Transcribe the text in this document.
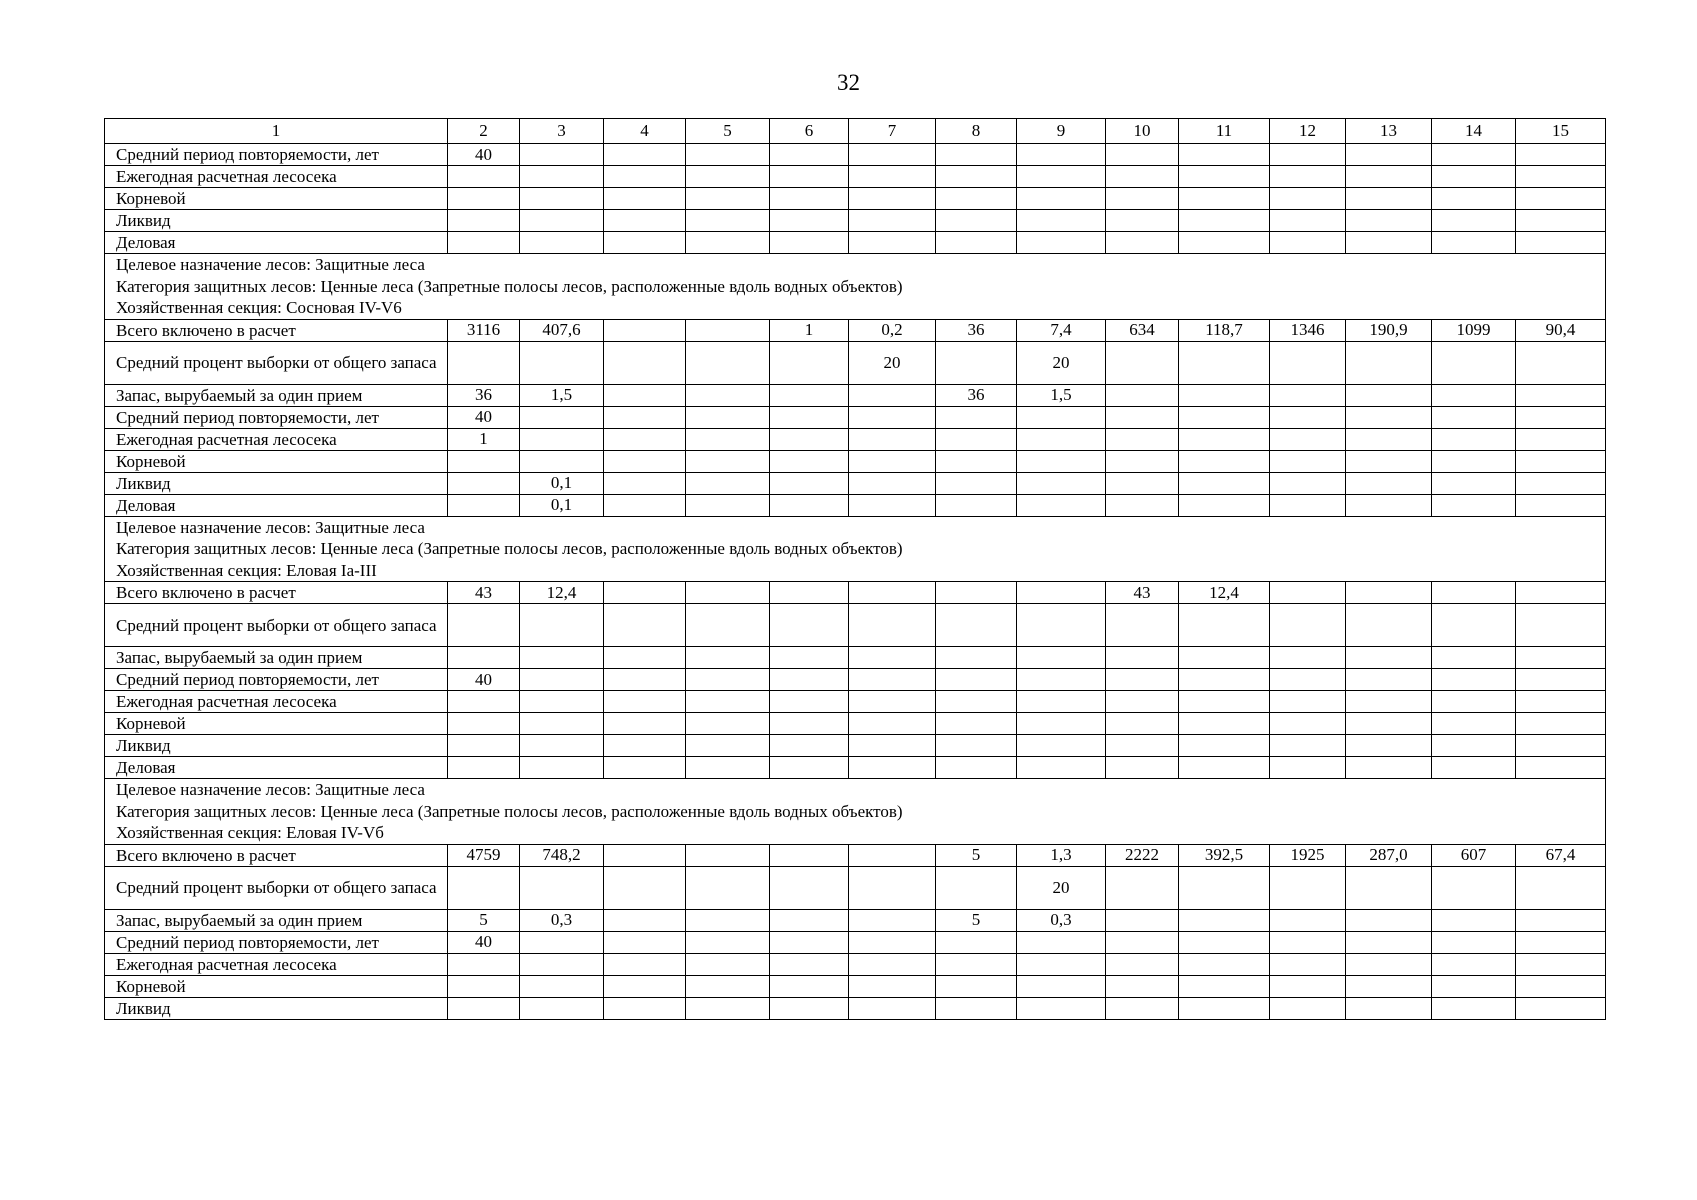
32
1	2	3	4	5	6	7	8	9	10	11	12	13	14	15
Средний период повторяемости, лет	40													
Ежегодная расчетная лесосека														
Корневой														
Ликвид														
Деловая														

Целевое назначение лесов: Защитные леса
Категория защитных лесов: Ценные леса (Запретные полосы лесов, расположенные вдоль водных объектов)
Хозяйственная секция: Сосновая IV-V6														

Всего включено в расчет	3116	407,6			1	0,2	36	7,4	634	118,7	1346	190,9	1099	90,4
Средний процент выборки от общего запаса						20		20						
Запас, вырубаемый за один прием	36	1,5					36	1,5						
Средний период повторяемости, лет	40													
Ежегодная расчетная лесосека	1													
Корневой														
Ликвид		0,1												
Деловая		0,1												

Целевое назначение лесов: Защитные леса
Категория защитных лесов: Ценные леса (Запретные полосы лесов, расположенные вдоль водных объектов)
Хозяйственная секция: Еловая Iа-III														

Всего включено в расчет	43	12,4							43	12,4				
Средний процент выборки от общего запаса														
Запас, вырубаемый за один прием														
Средний период повторяемости, лет	40													
Ежегодная расчетная лесосека														
Корневой														
Ликвид														
Деловая														

Целевое назначение лесов: Защитные леса
Категория защитных лесов: Ценные леса (Запретные полосы лесов, расположенные вдоль водных объектов)
Хозяйственная секция: Еловая IV-Vб														

Всего включено в расчет	4759	748,2					5	1,3	2222	392,5	1925	287,0	607	67,4
Средний процент выборки от общего запаса								20						
Запас, вырубаемый за один прием	5	0,3					5	0,3						
Средний период повторяемости, лет	40													
Ежегодная расчетная лесосека														
Корневой														
Ликвид														
